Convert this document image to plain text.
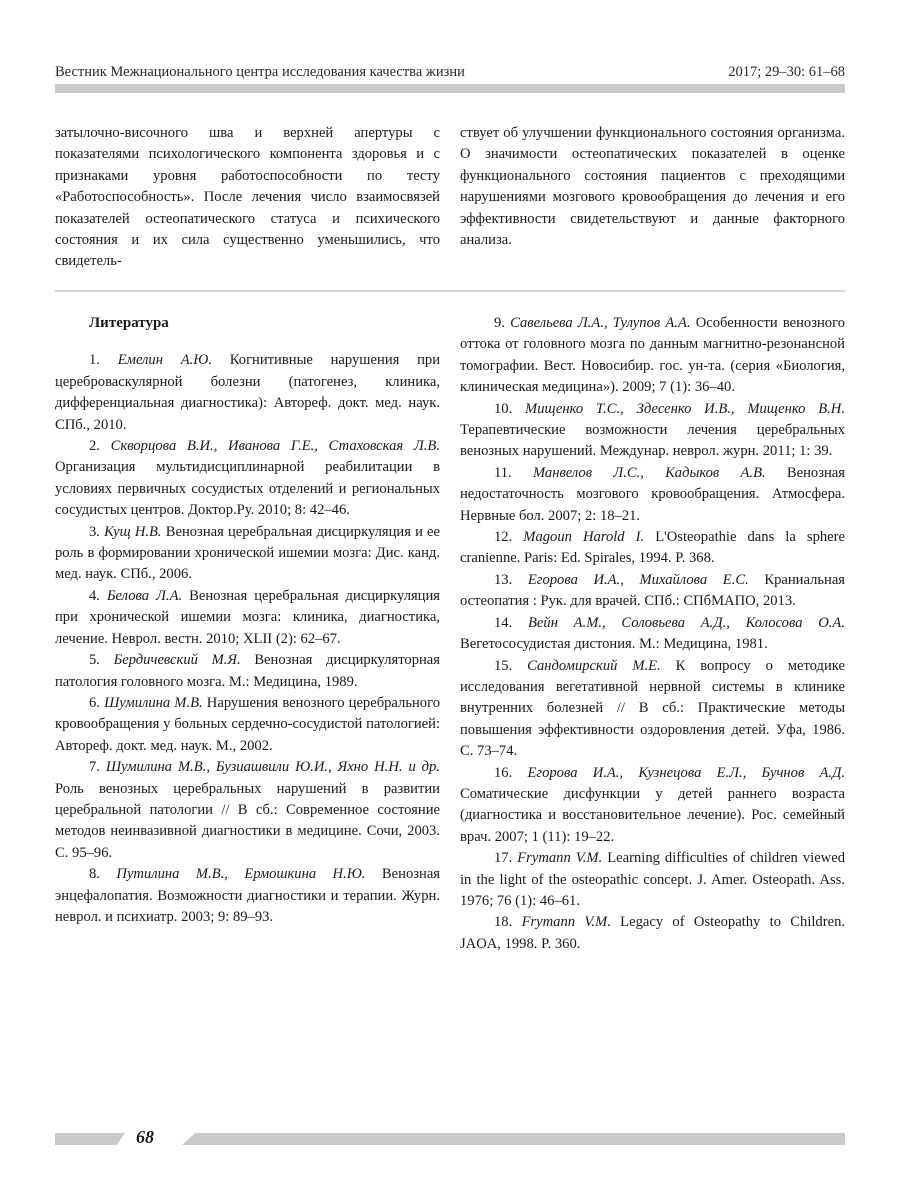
Вестник Межнационального центра исследования качества жизни	2017; 29–30: 61–68

затылочно-височного шва и верхней апертуры с показателями психологического компонента здоровья и с признаками уровня работоспособности по тесту «Работоспособность». После лечения число взаимосвязей показателей остеопатического статуса и психического состояния и их сила существенно уменьшились, что свидетель-

ствует об улучшении функционального состояния организма. О значимости остеопатических показателей в оценке функционального состояния пациентов с преходящими нарушениями мозгового кровообращения до лечения и его эффективности свидетельствуют и данные факторного анализа.

Литература

1. Емелин А.Ю. Когнитивные нарушения при цереброваскулярной болезни (патогенез, клиника, дифференциальная диагностика): Автореф. докт. мед. наук. СПб., 2010.

2. Скворцова В.И., Иванова Г.Е., Стаховская Л.В. Организация мультидисциплинарной реабилитации в условиях первичных сосудистых отделений и региональных сосудистых центров. Доктор.Ру. 2010; 8: 42–46.

3. Кущ Н.В. Венозная церебральная дисциркуляция и ее роль в формировании хронической ишемии мозга: Дис. канд. мед. наук. СПб., 2006.

4. Белова Л.А. Венозная церебральная дисциркуляция при хронической ишемии мозга: клиника, диагностика, лечение. Неврол. вестн. 2010; XLII (2): 62–67.

5. Бердичевский М.Я. Венозная дисциркуляторная патология головного мозга. М.: Медицина, 1989.

6. Шумилина М.В. Нарушения венозного церебрального кровообращения у больных сердечно-сосудистой патологией: Автореф. докт. мед. наук. М., 2002.

7. Шумилина М.В., Бузиашвили Ю.И., Яхно Н.Н. и др. Роль венозных церебральных нарушений в развитии церебральной патологии // В сб.: Современное состояние методов неинвазивной диагностики в медицине. Сочи, 2003. С. 95–96.

8. Путилина М.В., Ермошкина Н.Ю. Венозная энцефалопатия. Возможности диагностики и терапии. Журн. неврол. и психиатр. 2003; 9: 89–93.

9. Савельева Л.А., Тулупов А.А. Особенности венозного оттока от головного мозга по данным магнитно-резонансной томографии. Вест. Новосибир. гос. ун-та. (серия «Биология, клиническая медицина»). 2009; 7 (1): 36–40.

10. Мищенко Т.С., Здесенко И.В., Мищенко В.Н. Терапевтические возможности лечения церебральных венозных нарушений. Междунар. неврол. журн. 2011; 1: 39.

11. Манвелов Л.С., Кадыков А.В. Венозная недостаточность мозгового кровообращения. Атмосфера. Нервные бол. 2007; 2: 18–21.

12. Magoun Harold I. L'Osteopathie dans la sphere cranienne. Paris: Ed. Spirales, 1994. P. 368.

13. Егорова И.А., Михайлова Е.С. Краниальная остеопатия : Рук. для врачей. СПб.: СПбМАПО, 2013.

14. Вейн А.М., Соловьева А.Д., Колосова О.А. Вегетососудистая дистония. М.: Медицина, 1981.

15. Сандомирский М.Е. К вопросу о методике исследования вегетативной нервной системы в клинике внутренних болезней // В сб.: Практические методы повышения эффективности оздоровления детей. Уфа, 1986. С. 73–74.

16. Егорова И.А., Кузнецова Е.Л., Бучнов А.Д. Соматические дисфункции у детей раннего возраста (диагностика и восстановительное лечение). Рос. семейный врач. 2007; 1 (11): 19–22.

17. Frymann V.M. Learning difficulties of children viewed in the light of the osteopathic concept. J. Amer. Osteopath. Ass. 1976; 76 (1): 46–61.

18. Frymann V.M. Legacy of Osteopathy to Children. JAOA, 1998. P. 360.

68
